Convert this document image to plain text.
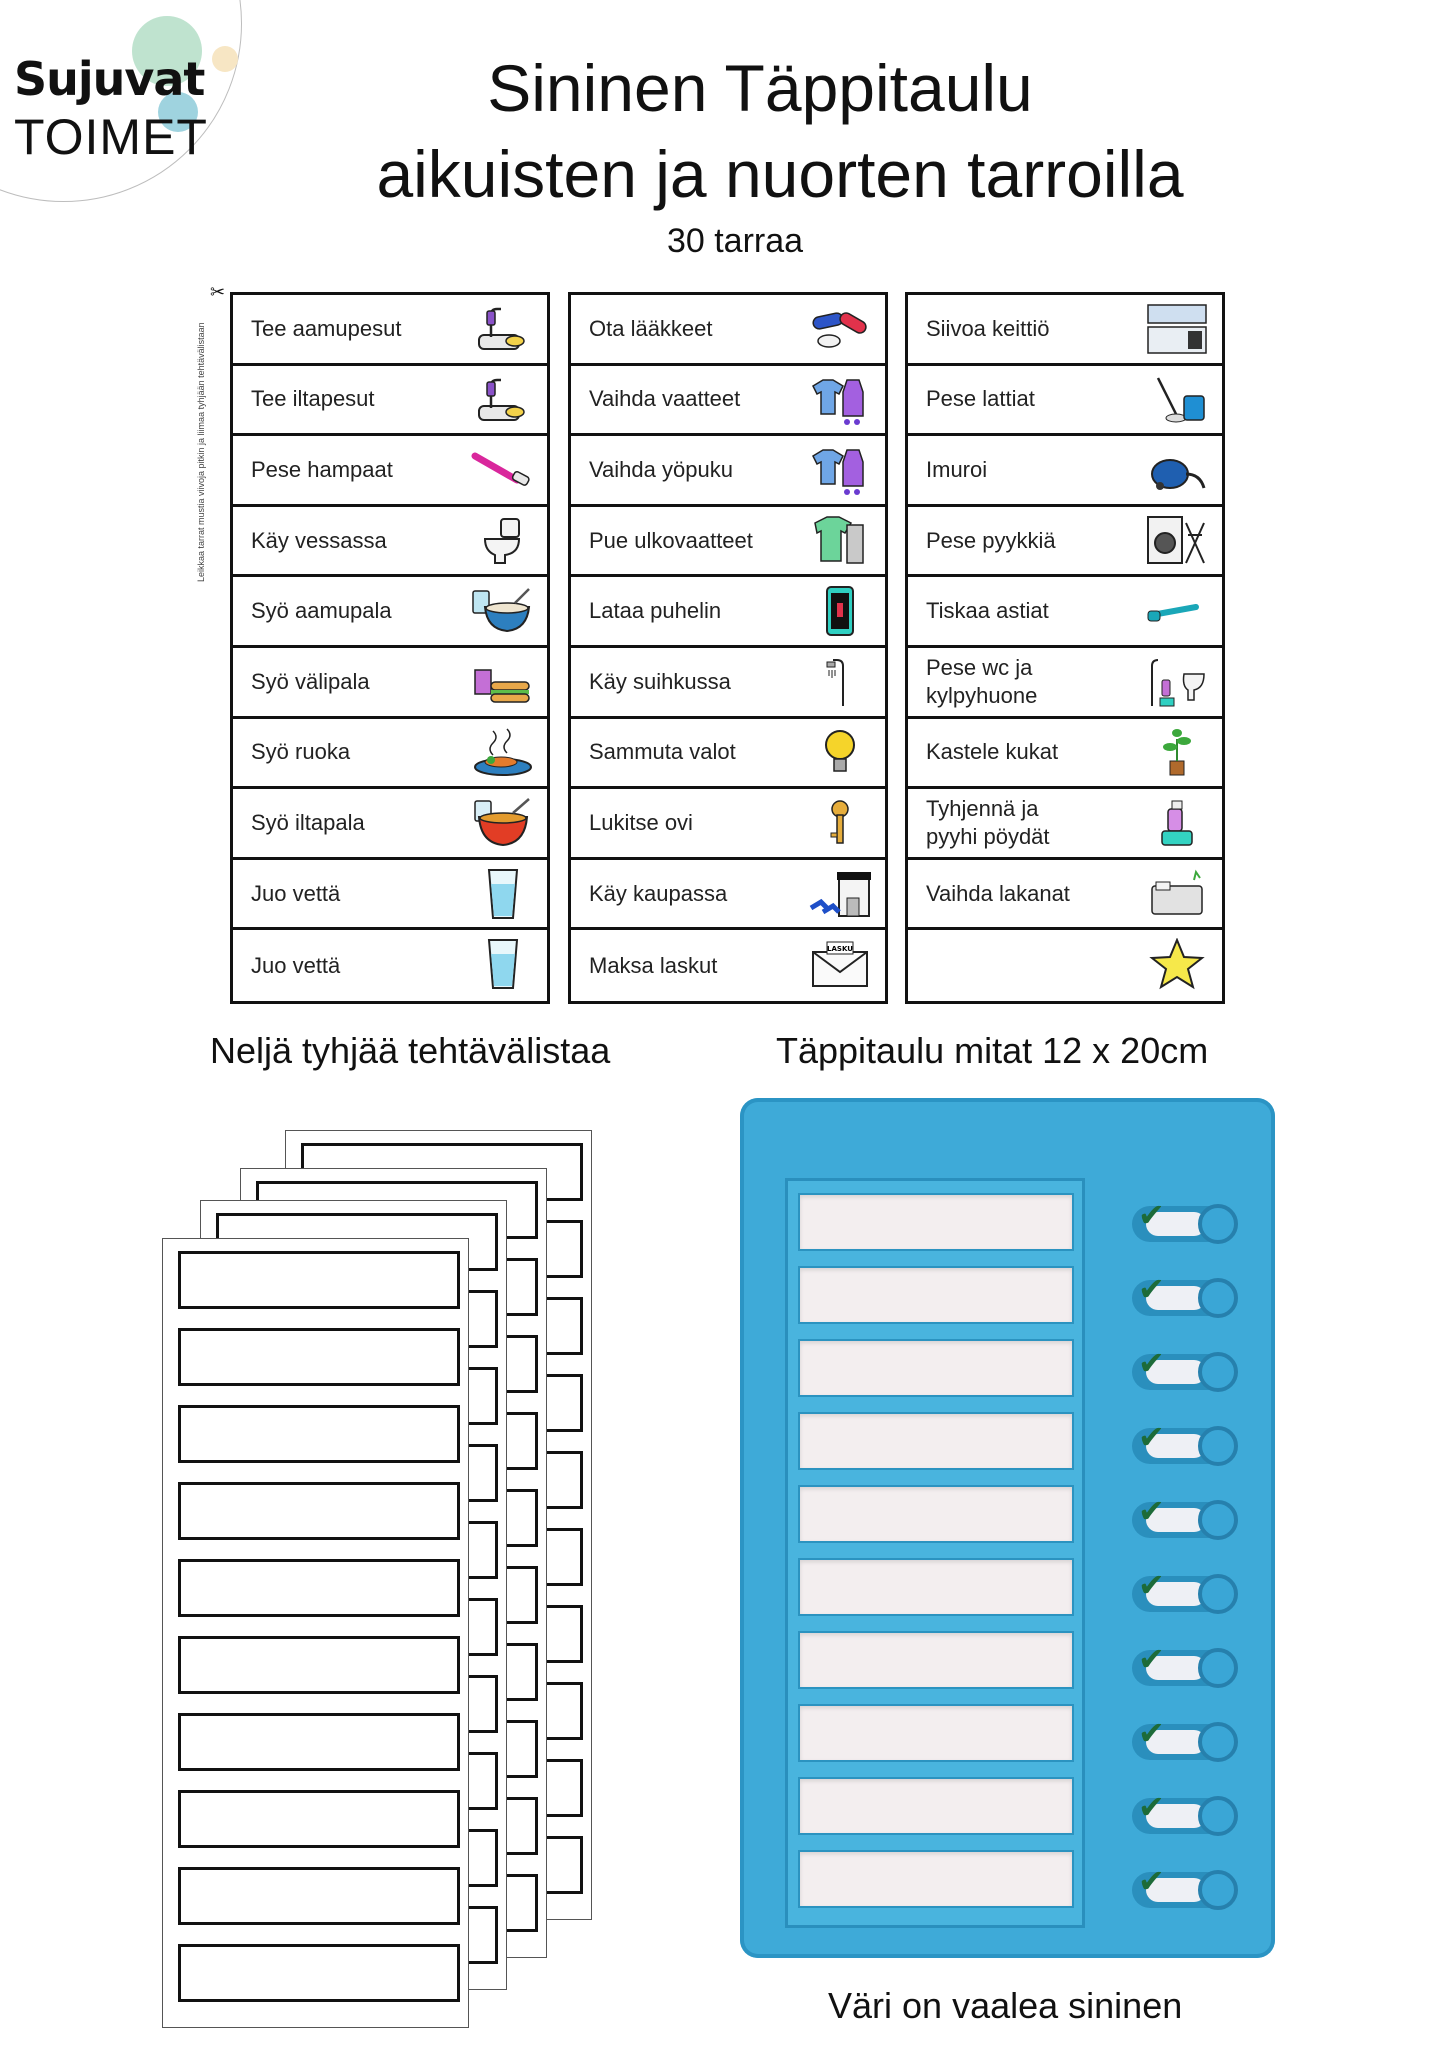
Sujuvat
TOIMET
Sininen Täppitaulu
aikuisten ja nuorten tarroilla
30 tarraa
✂
Leikkaa tarrat mustia viivoja pitkin ja liimaa tyhjään tehtävälistaan Tee aamupesut
Tee iltapesut
Pese hampaat
Käy vessassa
Syö aamupala
Syö välipala
Syö ruoka
Syö iltapala
Juo vettä
Juo vettä
Ota lääkkeet
Vaihda vaatteet
Vaihda yöpuku
Pue ulkovaatteet
Lataa puhelin
Käy suihkussa
Sammuta valot
Lukitse ovi
Käy kaupassa
Maksa laskut
LASKU
Siivoa keittiö
Pese lattiat
Imuroi
Pese pyykkiä
Tiskaa astiat
Pese wc ja
kylpyhuone
Kastele kukat
Tyhjennä ja
pyyhi pöydät
Vaihda lakanat
Neljä tyhjää tehtävälistaa	Täppitaulu mitat 12 x 20cm
✔
✔
✔
✔
✔
✔
✔
✔
✔
✔
Väri on vaalea sininen
